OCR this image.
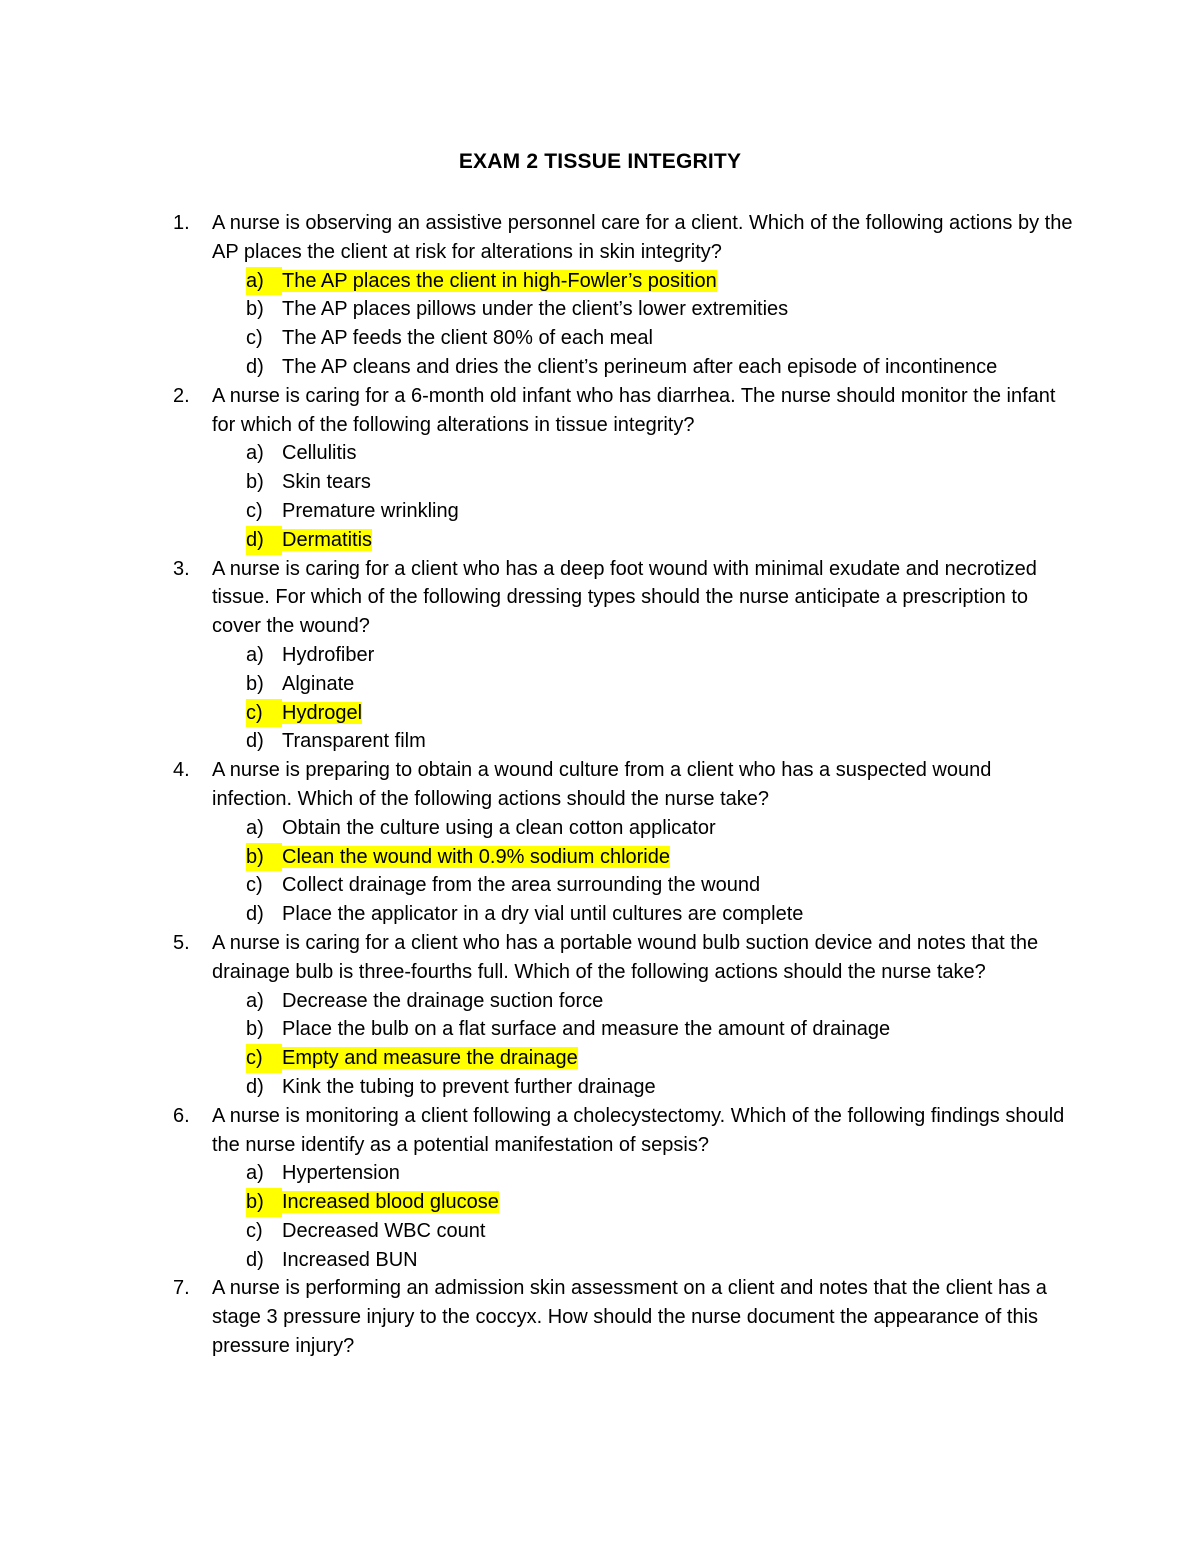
EXAM 2 TISSUE INTEGRITY
1. A nurse is observing an assistive personnel care for a client. Which of the following actions by the AP places the client at risk for alterations in skin integrity?
a) The AP places the client in high-Fowler’s position
b) The AP places pillows under the client’s lower extremities
c) The AP feeds the client 80% of each meal
d) The AP cleans and dries the client’s perineum after each episode of incontinence
2. A nurse is caring for a 6-month old infant who has diarrhea. The nurse should monitor the infant for which of the following alterations in tissue integrity?
a) Cellulitis
b) Skin tears
c) Premature wrinkling
d) Dermatitis
3. A nurse is caring for a client who has a deep foot wound with minimal exudate and necrotized tissue. For which of the following dressing types should the nurse anticipate a prescription to cover the wound?
a) Hydrofiber
b) Alginate
c) Hydrogel
d) Transparent film
4. A nurse is preparing to obtain a wound culture from a client who has a suspected wound infection. Which of the following actions should the nurse take?
a) Obtain the culture using a clean cotton applicator
b) Clean the wound with 0.9% sodium chloride
c) Collect drainage from the area surrounding the wound
d) Place the applicator in a dry vial until cultures are complete
5. A nurse is caring for a client who has a portable wound bulb suction device and notes that the drainage bulb is three-fourths full. Which of the following actions should the nurse take?
a) Decrease the drainage suction force
b) Place the bulb on a flat surface and measure the amount of drainage
c) Empty and measure the drainage
d) Kink the tubing to prevent further drainage
6. A nurse is monitoring a client following a cholecystectomy. Which of the following findings should the nurse identify as a potential manifestation of sepsis?
a) Hypertension
b) Increased blood glucose
c) Decreased WBC count
d) Increased BUN
7. A nurse is performing an admission skin assessment on a client and notes that the client has a stage 3 pressure injury to the coccyx. How should the nurse document the appearance of this pressure injury?
